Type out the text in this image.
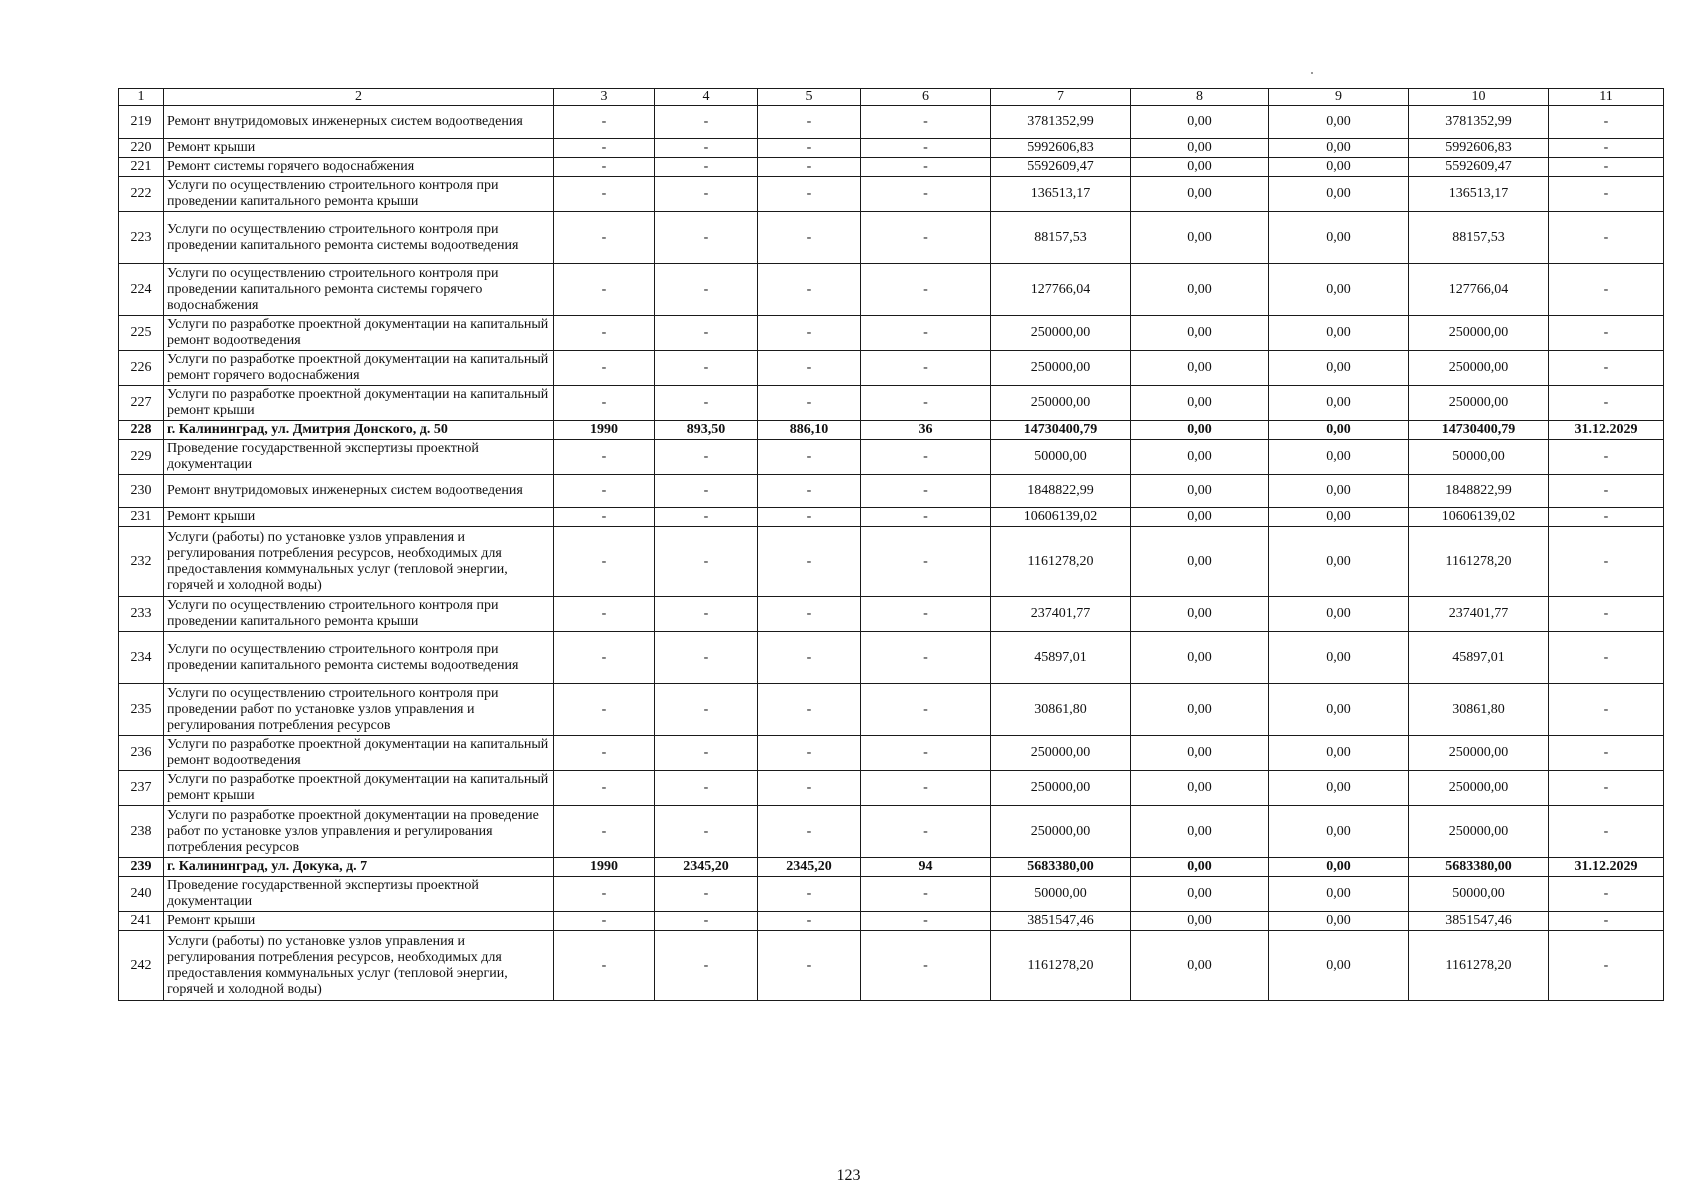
1	2	3	4	5	6	7	8	9	10	11
219	Ремонт внутридомовых инженерных систем водоотведения	-	-	-	-	3781352,99	0,00	0,00	3781352,99	-
220	Ремонт крыши	-	-	-	-	5992606,83	0,00	0,00	5992606,83	-
221	Ремонт системы горячего водоснабжения	-	-	-	-	5592609,47	0,00	0,00	5592609,47	-
222	Услуги по осуществлению строительного контроля при проведении капитального ремонта крыши	-	-	-	-	136513,17	0,00	0,00	136513,17	-
223	Услуги по осуществлению строительного контроля при проведении капитального ремонта системы водоотведения	-	-	-	-	88157,53	0,00	0,00	88157,53	-
224	Услуги по осуществлению строительного контроля при проведении капитального ремонта системы горячего водоснабжения	-	-	-	-	127766,04	0,00	0,00	127766,04	-
225	Услуги по разработке проектной документации на капитальный ремонт водоотведения	-	-	-	-	250000,00	0,00	0,00	250000,00	-
226	Услуги по разработке проектной документации на капитальный ремонт горячего водоснабжения	-	-	-	-	250000,00	0,00	0,00	250000,00	-
227	Услуги по разработке проектной документации на капитальный ремонт крыши	-	-	-	-	250000,00	0,00	0,00	250000,00	-
228	г. Калининград, ул. Дмитрия Донского, д. 50	1990	893,50	886,10	36	14730400,79	0,00	0,00	14730400,79	31.12.2029
229	Проведение государственной экспертизы проектной документации	-	-	-	-	50000,00	0,00	0,00	50000,00	-
230	Ремонт внутридомовых инженерных систем водоотведения	-	-	-	-	1848822,99	0,00	0,00	1848822,99	-
231	Ремонт крыши	-	-	-	-	10606139,02	0,00	0,00	10606139,02	-
232	Услуги (работы) по установке узлов управления и регулирования потребления ресурсов, необходимых для предоставления коммунальных услуг (тепловой энергии, горячей и холодной воды)	-	-	-	-	1161278,20	0,00	0,00	1161278,20	-
233	Услуги по осуществлению строительного контроля при проведении капитального ремонта крыши	-	-	-	-	237401,77	0,00	0,00	237401,77	-
234	Услуги по осуществлению строительного контроля при проведении капитального ремонта системы водоотведения	-	-	-	-	45897,01	0,00	0,00	45897,01	-
235	Услуги по осуществлению строительного контроля при проведении работ по установке узлов управления и регулирования потребления ресурсов	-	-	-	-	30861,80	0,00	0,00	30861,80	-
236	Услуги по разработке проектной документации на капитальный ремонт водоотведения	-	-	-	-	250000,00	0,00	0,00	250000,00	-
237	Услуги по разработке проектной документации на капитальный ремонт крыши	-	-	-	-	250000,00	0,00	0,00	250000,00	-
238	Услуги по разработке проектной документации на проведение работ по установке узлов управления и регулирования потребления ресурсов	-	-	-	-	250000,00	0,00	0,00	250000,00	-
239	г. Калининград, ул. Докука, д. 7	1990	2345,20	2345,20	94	5683380,00	0,00	0,00	5683380,00	31.12.2029
240	Проведение государственной экспертизы проектной документации	-	-	-	-	50000,00	0,00	0,00	50000,00	-
241	Ремонт крыши	-	-	-	-	3851547,46	0,00	0,00	3851547,46	-
242	Услуги (работы) по установке узлов управления и регулирования потребления ресурсов, необходимых для предоставления коммунальных услуг (тепловой энергии, горячей и холодной воды)	-	-	-	-	1161278,20	0,00	0,00	1161278,20	-
123
